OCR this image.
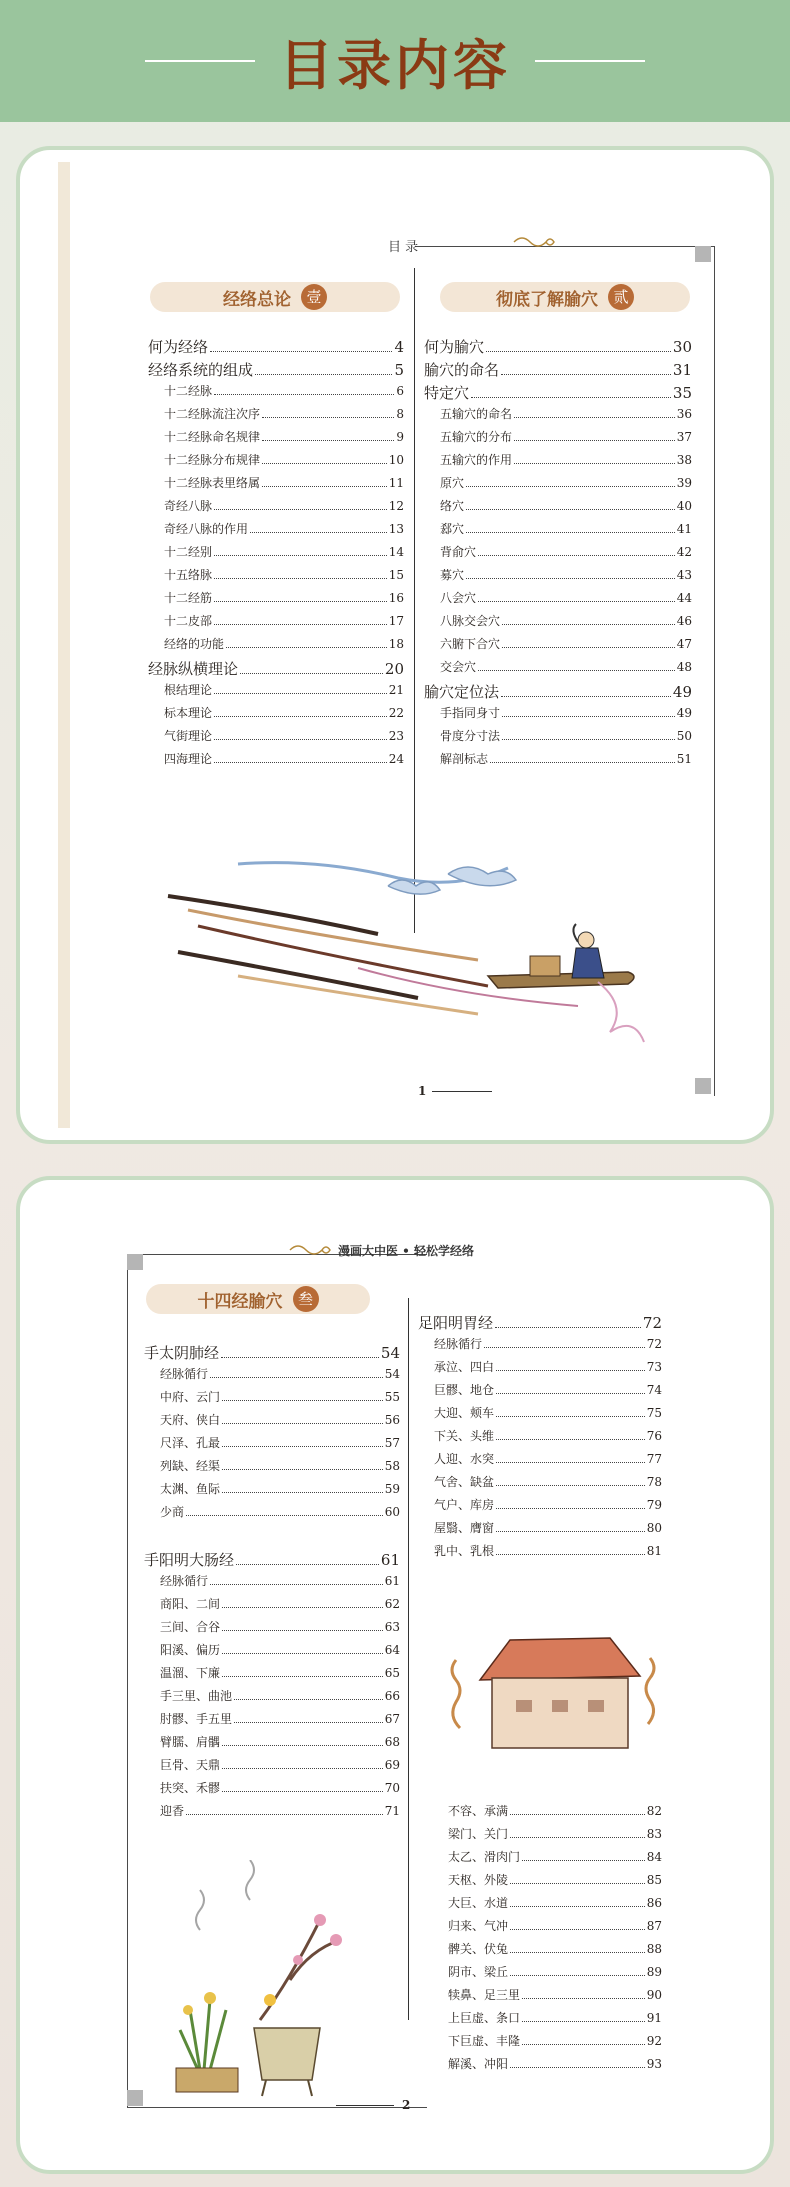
目录内容
目 录
经络总论	壹	彻底了解腧穴	贰
何为经络	4
经络系统的组成	5
十二经脉	6
十二经脉流注次序	8
十二经脉命名规律	9
十二经脉分布规律	10
十二经脉表里络属	11
奇经八脉	12
奇经八脉的作用	13
十二经别	14
十五络脉	15
十二经筋	16
十二皮部	17
经络的功能	18
经脉纵横理论	20
根结理论	21
标本理论	22
气街理论	23
四海理论	24
何为腧穴	30
腧穴的命名	31
特定穴	35
五输穴的命名	36
五输穴的分布	37
五输穴的作用	38
原穴	39
络穴	40
郄穴	41
背俞穴	42
募穴	43
八会穴	44
八脉交会穴	46
六腑下合穴	47
交会穴	48
腧穴定位法	49
手指同身寸	49
骨度分寸法	50
解剖标志	51
1
漫画大中医 • 轻松学经络
十四经腧穴	叁
手太阴肺经	54
经脉循行	54
中府、云门	55
天府、侠白	56
尺泽、孔最	57
列缺、经渠	58
太渊、鱼际	59
少商	60
手阳明大肠经	61
经脉循行	61
商阳、二间	62
三间、合谷	63
阳溪、偏历	64
温溜、下廉	65
手三里、曲池	66
肘髎、手五里	67
臂臑、肩髃	68
巨骨、天鼎	69
扶突、禾髎	70
迎香	71
足阳明胃经	72
经脉循行	72
承泣、四白	73
巨髎、地仓	74
大迎、颊车	75
下关、头维	76
人迎、水突	77
气舍、缺盆	78
气户、库房	79
屋翳、膺窗	80
乳中、乳根	81
不容、承满	82
梁门、关门	83
太乙、滑肉门	84
天枢、外陵	85
大巨、水道	86
归来、气冲	87
髀关、伏兔	88
阴市、梁丘	89
犊鼻、足三里	90
上巨虚、条口	91
下巨虚、丰隆	92
解溪、冲阳	93
2
